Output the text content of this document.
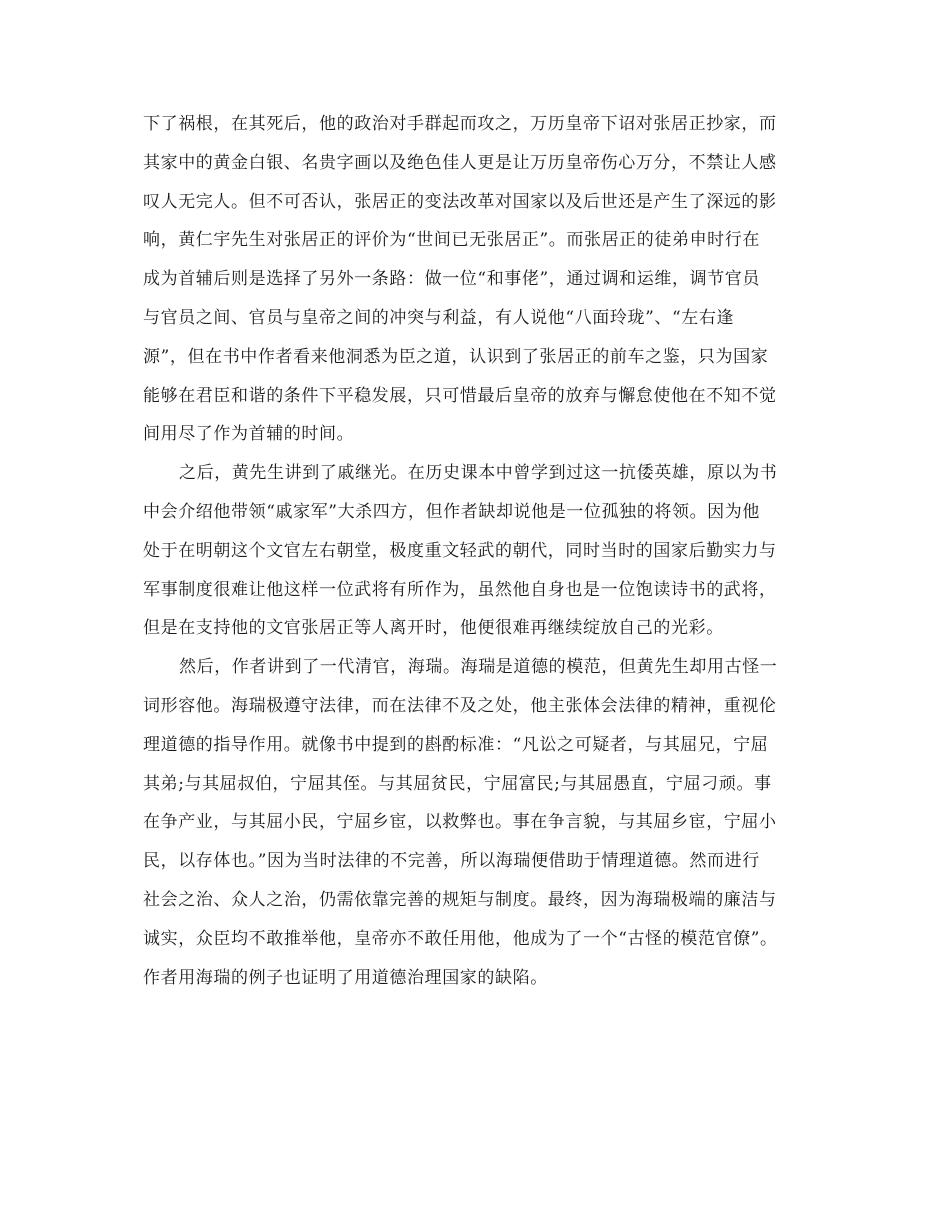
下了祸根，在其死后，他的政治对手群起而攻之，万历皇帝下诏对张居正抄家，而
其家中的黄金白银、名贵字画以及绝色佳人更是让万历皇帝伤心万分，不禁让人感
叹人无完人。但不可否认，张居正的变法改革对国家以及后世还是产生了深远的影
响，黄仁宇先生对张居正的评价为“世间已无张居正”。而张居正的徒弟申时行在
成为首辅后则是选择了另外一条路：做一位“和事佬”，通过调和运维，调节官员
与官员之间、官员与皇帝之间的冲突与利益，有人说他“八面玲珑”、“左右逢
源”，但在书中作者看来他洞悉为臣之道，认识到了张居正的前车之鉴，只为国家
能够在君臣和谐的条件下平稳发展，只可惜最后皇帝的放弃与懈怠使他在不知不觉
间用尽了作为首辅的时间。
之后，黄先生讲到了戚继光。在历史课本中曾学到过这一抗倭英雄，原以为书
中会介绍他带领“戚家军”大杀四方，但作者缺却说他是一位孤独的将领。因为他
处于在明朝这个文官左右朝堂，极度重文轻武的朝代，同时当时的国家后勤实力与
军事制度很难让他这样一位武将有所作为，虽然他自身也是一位饱读诗书的武将，
但是在支持他的文官张居正等人离开时，他便很难再继续绽放自己的光彩。
然后，作者讲到了一代清官，海瑞。海瑞是道德的模范，但黄先生却用古怪一
词形容他。海瑞极遵守法律，而在法律不及之处，他主张体会法律的精神，重视伦
理道德的指导作用。就像书中提到的斟酌标准：“凡讼之可疑者，与其屈兄，宁屈
其弟;与其屈叔伯，宁屈其侄。与其屈贫民，宁屈富民;与其屈愚直，宁屈刁顽。事
在争产业，与其屈小民，宁屈乡宦，以救弊也。事在争言貌，与其屈乡宦，宁屈小
民，以存体也。”因为当时法律的不完善，所以海瑞便借助于情理道德。然而进行
社会之治、众人之治，仍需依靠完善的规矩与制度。最终，因为海瑞极端的廉洁与
诚实，众臣均不敢推举他，皇帝亦不敢任用他，他成为了一个“古怪的模范官僚”。
作者用海瑞的例子也证明了用道德治理国家的缺陷。
